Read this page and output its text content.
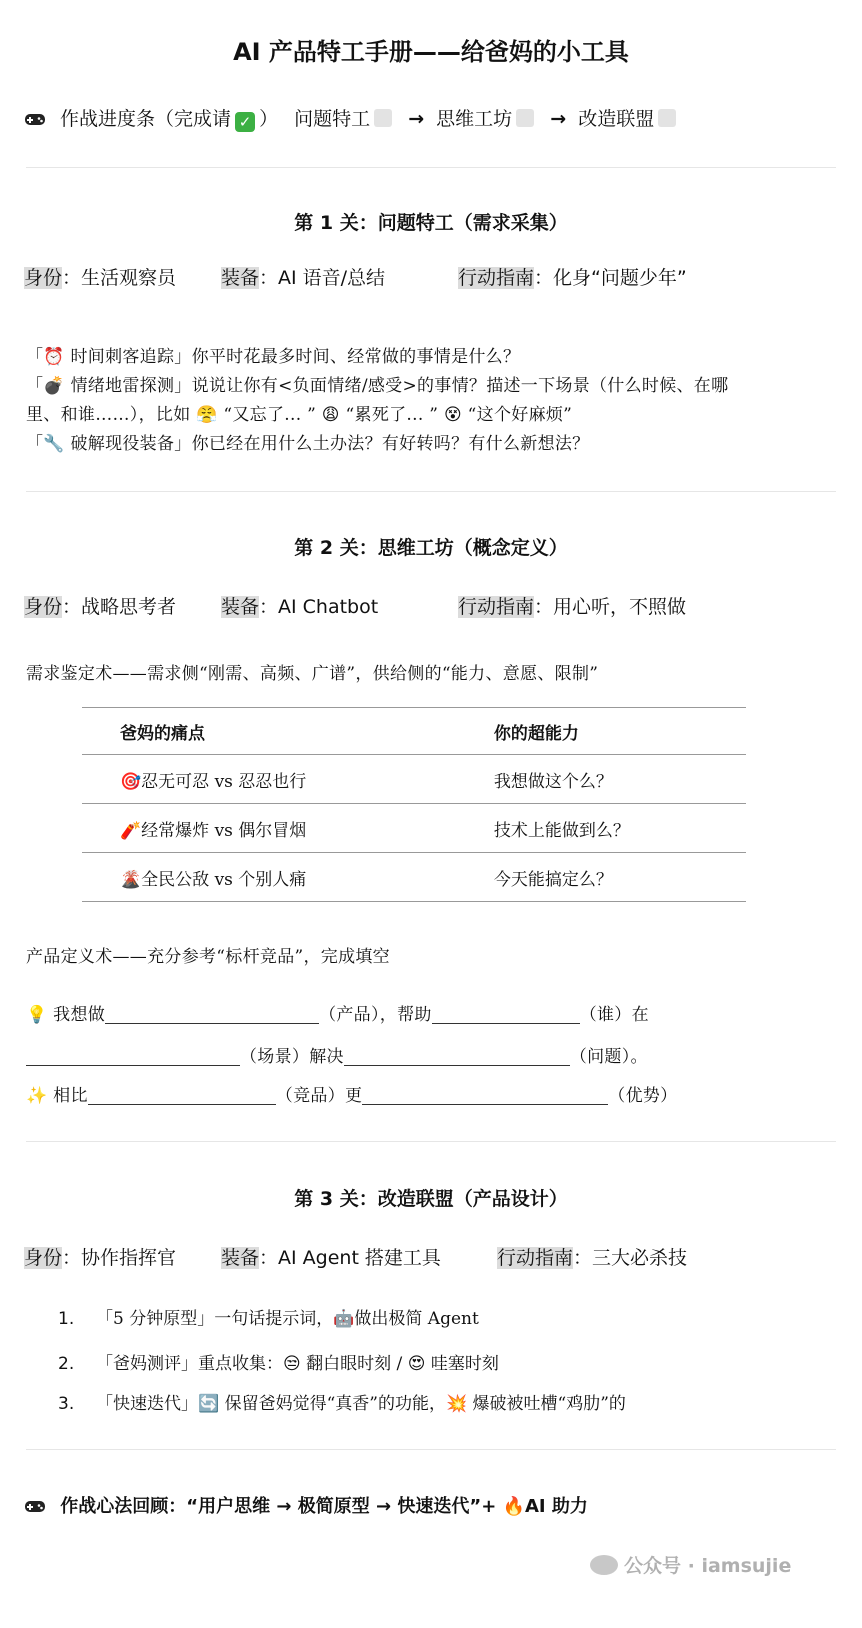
AI 产品特工手册——给爸妈的小工具
作战进度条（完成请 ✓ ） 问题特工 → 思维工坊 → 改造联盟
第 1 关：问题特工（需求采集）
身份：生活观察员 装备：AI 语音/总结	行动指南：化身“问题少年”
「⏰ 时间刺客追踪」你平时花最多时间、经常做的事情是什么？
「💣 情绪地雷探测」说说让你有<负面情绪/感受>的事情？描述一下场景（什么时候、在哪
里、和谁……），比如 😤 “又忘了... ” 😩 “累死了... ” 😵 “这个好麻烦”
「🔧 破解现役装备」你已经在用什么土办法？有好转吗？有什么新想法？
第 2 关：思维工坊（概念定义）
身份：战略思考者 装备：AI Chatbot	行动指南：用心听，不照做
需求鉴定术——需求侧“刚需、高频、广谱”，供给侧的“能力、意愿、限制”
爸妈的痛点	你的超能力
🎯忍无可忍 vs 忍忍也行	我想做这个么？
🧨经常爆炸 vs 偶尔冒烟	技术上能做到么？
🌋全民公敌 vs 个别人痛	今天能搞定么？
产品定义术——充分参考“标杆竞品”，完成填空
💡 我想做	（产品），帮助	（谁）在
（场景）解决	（问题）。
✨ 相比	（竞品）更	（优势）
第 3 关：改造联盟（产品设计）
身份：协作指挥官 装备：AI Agent 搭建工具	行动指南：三大必杀技
1. 「5 分钟原型」一句话提示词，🤖做出极简 Agent
2. 「爸妈测评」重点收集：😒 翻白眼时刻 / 😍 哇塞时刻
3. 「快速迭代」🔄 保留爸妈觉得“真香”的功能，💥 爆破被吐槽“鸡肋”的
作战心法回顾：“用户思维 → 极简原型 → 快速迭代”+ 🔥AI 助力
公众号 · iamsujie
